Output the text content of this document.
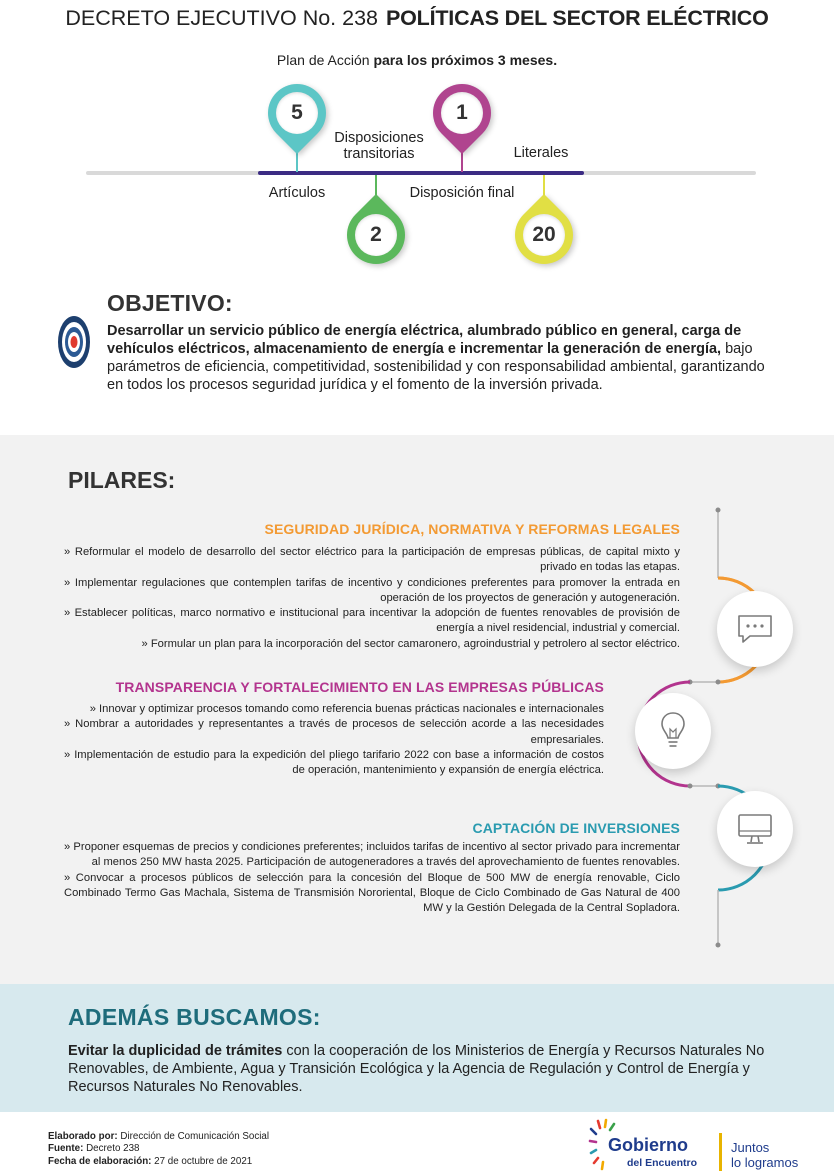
DECRETO EJECUTIVO No. 238 POLÍTICAS DEL SECTOR ELÉCTRICO
Plan de Acción para los próximos 3 meses.
5
Artículos
2
Disposiciones
transitorias
1
Disposición final
20
Literales
OBJETIVO:
Desarrollar un servicio público de energía eléctrica, alumbrado público en general, carga de vehículos eléctricos, almacenamiento de energía e incrementar la generación de energía, bajo parámetros de eficiencia, competitividad, sostenibilidad y con responsabilidad ambiental, garantizando en todos los procesos seguridad jurídica y el fomento de la inversión privada.
PILARES:
SEGURIDAD JURÍDICA, NORMATIVA Y REFORMAS LEGALES
» Reformular el modelo de desarrollo del sector eléctrico para la participación de empresas públicas, de capital mixto y privado en todas las etapas.
» Implementar regulaciones que contemplen tarifas de incentivo y condiciones preferentes para promover la entrada en operación de los proyectos de generación y autogeneración.
» Establecer políticas, marco normativo e institucional para incentivar la adopción de fuentes renovables de provisión de energía a nivel residencial, industrial y comercial.
» Formular un plan para la incorporación del sector camaronero, agroindustrial y petrolero al sector eléctrico.
TRANSPARENCIA Y FORTALECIMIENTO EN LAS EMPRESAS PÚBLICAS
» Innovar y optimizar procesos tomando como referencia buenas prácticas nacionales e internacionales
» Nombrar a autoridades y representantes a través de procesos de selección acorde a las necesidades empresariales.
» Implementación de estudio para la expedición del pliego tarifario 2022 con base a información de costos de operación, mantenimiento y expansión de energía eléctrica.
CAPTACIÓN DE INVERSIONES
» Proponer esquemas de precios y condiciones preferentes; incluidos tarifas de incentivo al sector privado para incrementar al menos 250 MW hasta 2025. Participación de autogeneradores a través del aprovechamiento de fuentes renovables.
» Convocar a procesos públicos de selección para la concesión del Bloque de 500 MW de energía renovable, Ciclo Combinado Termo Gas Machala, Sistema de Transmisión Nororiental, Bloque de Ciclo Combinado de Gas Natural de 400 MW y la Gestión Delegada de la Central Sopladora.
ADEMÁS BUSCAMOS:
Evitar la duplicidad de trámites con la cooperación de los Ministerios de Energía y Recursos Naturales No Renovables, de Ambiente, Agua y Transición Ecológica y la Agencia de Regulación y Control de Energía y Recursos Naturales No Renovables.
Elaborado por: Dirección de Comunicación Social
Fuente: Decreto 238
Fecha de elaboración: 27 de octubre de 2021
Gobierno
del Encuentro
Juntos
lo logramos
